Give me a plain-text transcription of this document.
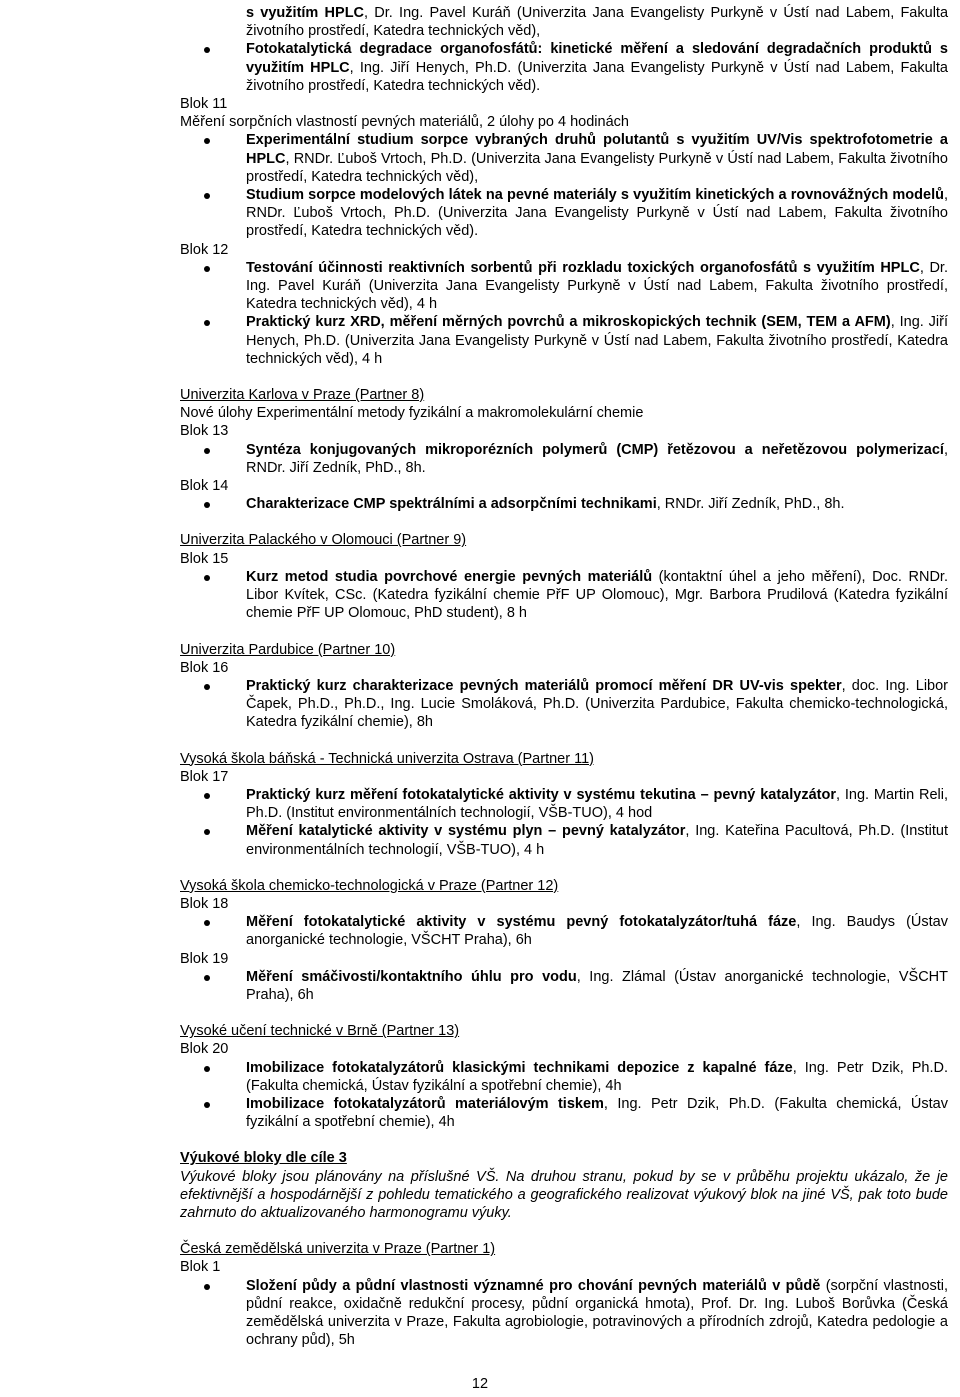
s využitím HPLC, Dr. Ing. Pavel Kuráň (Univerzita Jana Evangelisty Purkyně v Ústí nad Labem, Fakulta životního prostředí, Katedra technických věd),
Fotokatalytická degradace organofosfátů: kinetické měření a sledování degradačních produktů s využitím HPLC, Ing. Jiří Henych, Ph.D. (Univerzita Jana Evangelisty Purkyně v Ústí nad Labem, Fakulta životního prostředí, Katedra technických věd).

Blok 11

Měření sorpčních vlastností pevných materiálů, 2 úlohy po 4 hodinách

Experimentální studium sorpce vybraných druhů polutantů s využitím UV/Vis spektrofotometrie a HPLC, RNDr. Ľuboš Vrtoch, Ph.D. (Univerzita Jana Evangelisty Purkyně v Ústí nad Labem, Fakulta životního prostředí, Katedra technických věd),
Studium sorpce modelových látek na pevné materiály s využitím kinetických a rovnovážných modelů, RNDr. Ľuboš Vrtoch, Ph.D. (Univerzita Jana Evangelisty Purkyně v Ústí nad Labem, Fakulta životního prostředí, Katedra technických věd).

Blok 12

Testování účinnosti reaktivních sorbentů při rozkladu toxických organofosfátů s využitím HPLC, Dr. Ing. Pavel Kuráň (Univerzita Jana Evangelisty Purkyně v Ústí nad Labem, Fakulta životního prostředí, Katedra technických věd), 4 h
Praktický kurz XRD, měření měrných povrchů a mikroskopických technik (SEM, TEM a AFM), Ing. Jiří Henych, Ph.D. (Univerzita Jana Evangelisty Purkyně v Ústí nad Labem, Fakulta životního prostředí, Katedra technických věd), 4 h

Univerzita Karlova v Praze (Partner 8)

Nové úlohy Experimentální metody fyzikální a makromolekulární chemie

Blok 13

Syntéza konjugovaných mikroporézních polymerů (CMP) řetězovou a neřetězovou polymerizací, RNDr. Jiří Zedník, PhD., 8h.

Blok 14

Charakterizace CMP spektrálními a adsorpčními technikami, RNDr. Jiří Zedník, PhD., 8h.

Univerzita Palackého v Olomouci (Partner 9)

Blok 15

Kurz metod studia povrchové energie pevných materiálů (kontaktní úhel a jeho měření), Doc. RNDr. Libor Kvítek, CSc. (Katedra fyzikální chemie PřF UP Olomouc), Mgr. Barbora Prudilová (Katedra fyzikální chemie PřF UP Olomouc, PhD student), 8 h

Univerzita Pardubice (Partner 10)

Blok 16

Praktický kurz charakterizace pevných materiálů promocí měření DR UV-vis spekter, doc. Ing. Libor Čapek, Ph.D., Ph.D., Ing. Lucie Smoláková, Ph.D. (Univerzita Pardubice, Fakulta chemicko-technologická, Katedra fyzikální chemie), 8h

Vysoká škola báňská - Technická univerzita Ostrava (Partner 11)

Blok 17

Praktický kurz měření fotokatalytické aktivity v systému tekutina – pevný katalyzátor, Ing. Martin Reli, Ph.D. (Institut environmentálních technologií, VŠB-TUO), 4 hod
Měření katalytické aktivity v systému plyn – pevný katalyzátor, Ing. Kateřina Pacultová, Ph.D. (Institut environmentálních technologií, VŠB-TUO), 4 h

Vysoká škola chemicko-technologická v Praze (Partner 12)

Blok 18

Měření fotokatalytické aktivity v systému pevný fotokatalyzátor/tuhá fáze, Ing. Baudys (Ústav anorganické technologie, VŠCHT Praha), 6h

Blok 19

Měření smáčivosti/kontaktního úhlu pro vodu, Ing. Zlámal (Ústav anorganické technologie, VŠCHT Praha), 6h

Vysoké učení technické v Brně (Partner 13)

Blok 20

Imobilizace fotokatalyzátorů klasickými technikami depozice z kapalné fáze, Ing. Petr Dzik, Ph.D. (Fakulta chemická, Ústav fyzikální a spotřební chemie), 4h
Imobilizace fotokatalyzátorů materiálovým tiskem, Ing. Petr Dzik, Ph.D. (Fakulta chemická, Ústav fyzikální a spotřební chemie), 4h

Výukové bloky dle cíle 3

Výukové bloky jsou plánovány na příslušné VŠ. Na druhou stranu, pokud by se v průběhu projektu ukázalo, že je efektivnější a hospodárnější z pohledu tematického a geografického realizovat výukový blok na jiné VŠ, pak toto bude zahrnuto do aktualizovaného harmonogramu výuky.

Česká zemědělská univerzita v Praze (Partner 1)

Blok 1

Složení půdy a půdní vlastnosti významné pro chování pevných materiálů v půdě (sorpční vlastnosti, půdní reakce, oxidačně redukční procesy, půdní organická hmota), Prof. Dr. Ing. Luboš Borůvka (Česká zemědělská univerzita v Praze, Fakulta agrobiologie, potravinových a přírodních zdrojů, Katedra pedologie a ochrany půd), 5h
12
